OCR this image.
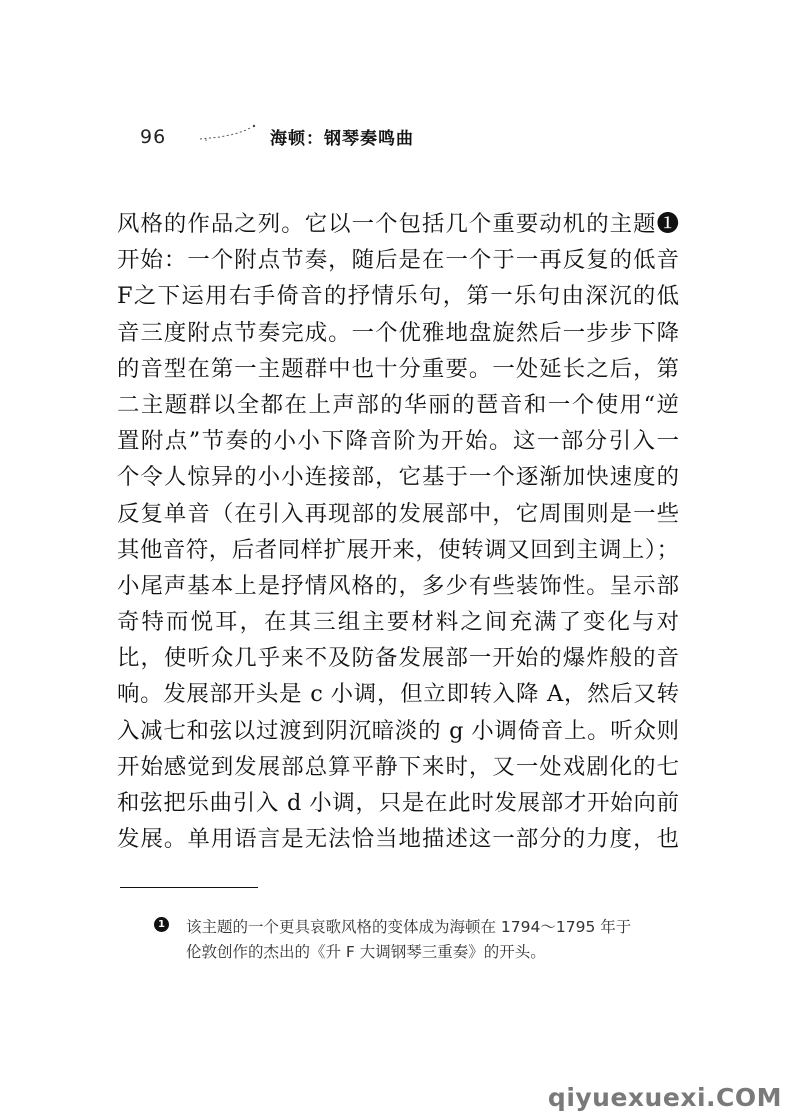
96	海顿：钢琴奏鸣曲
风格的作品之列。它以一个包括几个重要动机的主题❶
开始：一个附点节奏，随后是在一个于一再反复的低音
F之下运用右手倚音的抒情乐句，第一乐句由深沉的低
音三度附点节奏完成。一个优雅地盘旋然后一步步下降
的音型在第一主题群中也十分重要。一处延长之后，第
二主题群以全都在上声部的华丽的琶音和一个使用“逆
置附点”节奏的小小下降音阶为开始。这一部分引入一
个令人惊异的小小连接部，它基于一个逐渐加快速度的
反复单音（在引入再现部的发展部中，它周围则是一些
其他音符，后者同样扩展开来，使转调又回到主调上）；
小尾声基本上是抒情风格的，多少有些装饰性。呈示部
奇特而悦耳，在其三组主要材料之间充满了变化与对
比，使听众几乎来不及防备发展部一开始的爆炸般的音
响。发展部开头是 c 小调，但立即转入降 A，然后又转
入减七和弦以过渡到阴沉暗淡的 g 小调倚音上。听众则
开始感觉到发展部总算平静下来时，又一处戏剧化的七
和弦把乐曲引入 d 小调，只是在此时发展部才开始向前
发展。单用语言是无法恰当地描述这一部分的力度，也
1 该主题的一个更具哀歌风格的变体成为海顿在 1794～1795 年于
伦敦创作的杰出的《升 F 大调钢琴三重奏》的开头。
qiyuexuexi.COM
